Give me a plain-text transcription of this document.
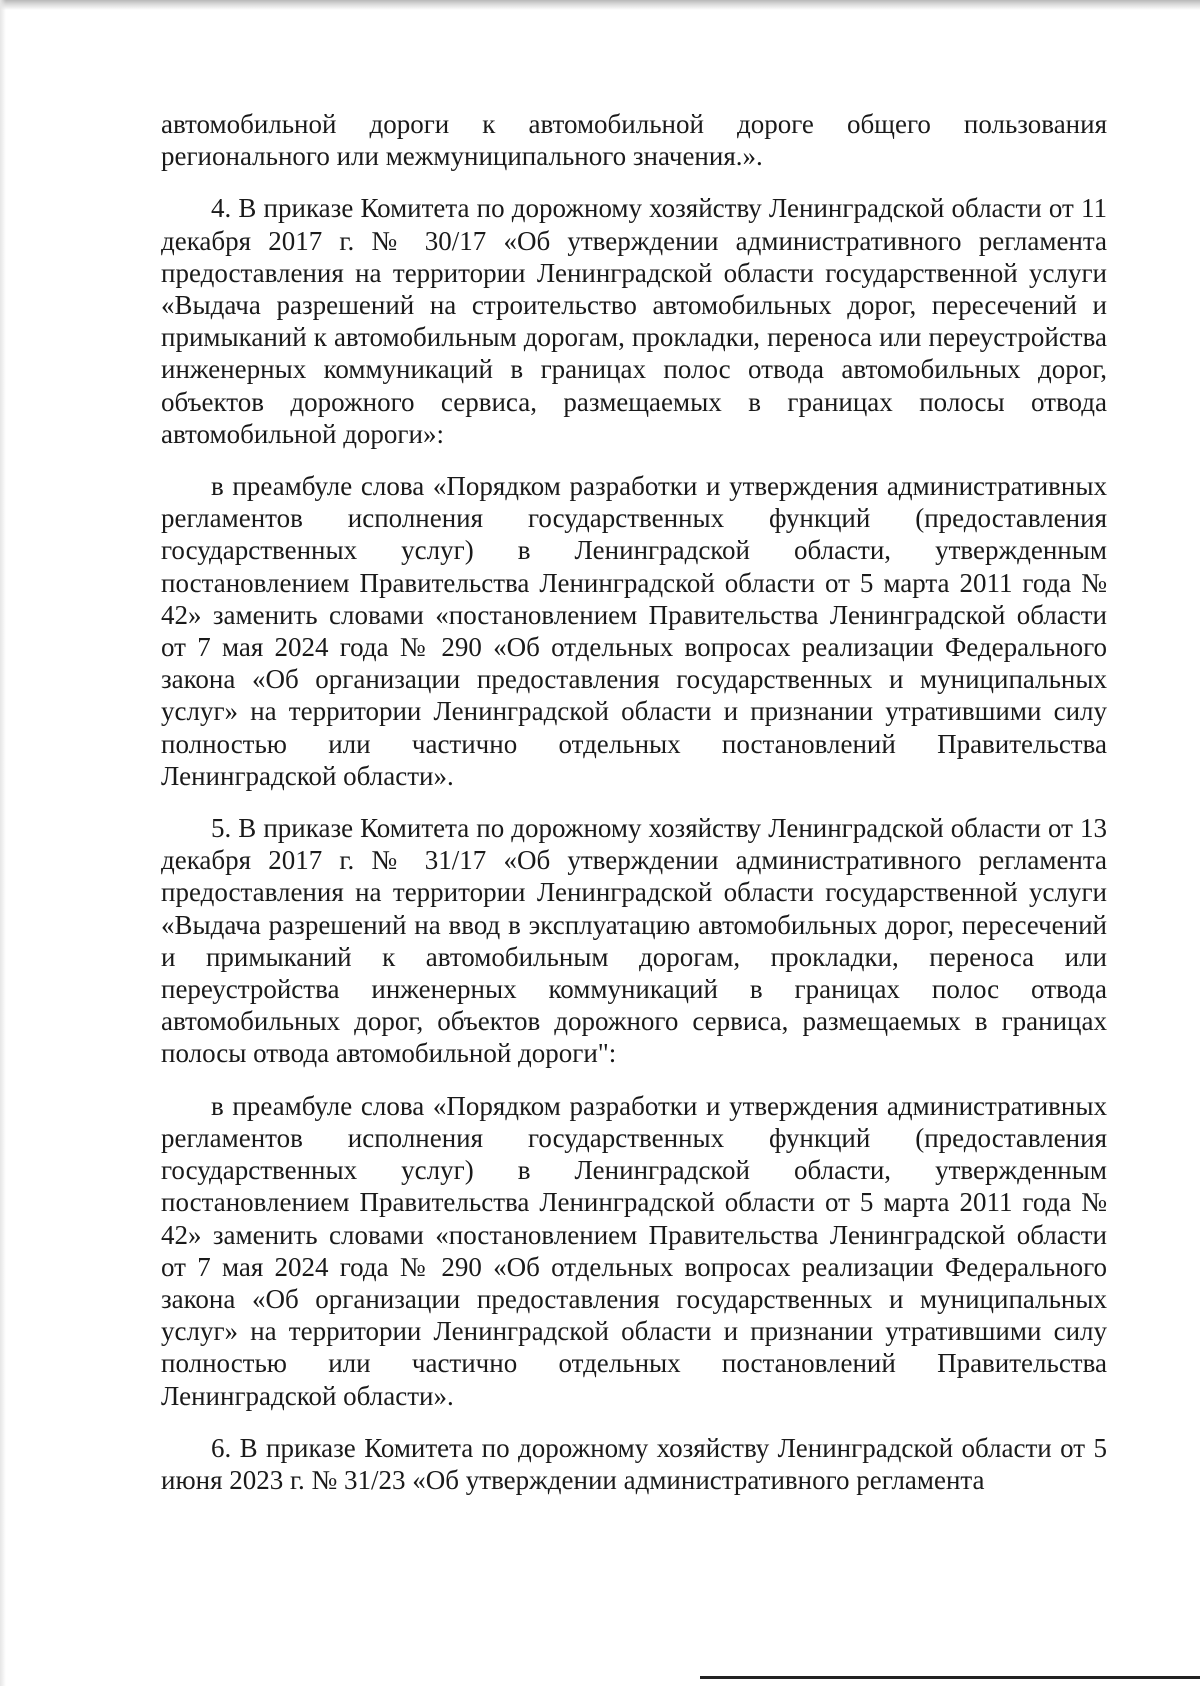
автомобильной дороги к автомобильной дороге общего пользования регионального или межмуниципального значения.».

4. В приказе Комитета по дорожному хозяйству Ленинградской области от 11 декабря 2017 г. № 30/17 «Об утверждении административного регламента предоставления на территории Ленинградской области государственной услуги «Выдача разрешений на строительство автомобильных дорог, пересечений и примыканий к автомобильным дорогам, прокладки, переноса или переустройства инженерных коммуникаций в границах полос отвода автомобильных дорог, объектов дорожного сервиса, размещаемых в границах полосы отвода автомобильной дороги»:

в преамбуле слова «Порядком разработки и утверждения административных регламентов исполнения государственных функций (предоставления государственных услуг) в Ленинградской области, утвержденным постановлением Правительства Ленинградской области от 5 марта 2011 года № 42» заменить словами «постановлением Правительства Ленинградской области от 7 мая 2024 года № 290 «Об отдельных вопросах реализации Федерального закона «Об организации предоставления государственных и муниципальных услуг» на территории Ленинградской области и признании утратившими силу полностью или частично отдельных постановлений Правительства Ленинградской области».

5. В приказе Комитета по дорожному хозяйству Ленинградской области от 13 декабря 2017 г. № 31/17 «Об утверждении административного регламента предоставления на территории Ленинградской области государственной услуги «Выдача разрешений на ввод в эксплуатацию автомобильных дорог, пересечений и примыканий к автомобильным дорогам, прокладки, переноса или переустройства инженерных коммуникаций в границах полос отвода автомобильных дорог, объектов дорожного сервиса, размещаемых в границах полосы отвода автомобильной дороги":

в преамбуле слова «Порядком разработки и утверждения административных регламентов исполнения государственных функций (предоставления государственных услуг) в Ленинградской области, утвержденным постановлением Правительства Ленинградской области от 5 марта 2011 года № 42» заменить словами «постановлением Правительства Ленинградской области от 7 мая 2024 года № 290 «Об отдельных вопросах реализации Федерального закона «Об организации предоставления государственных и муниципальных услуг» на территории Ленинградской области и признании утратившими силу полностью или частично отдельных постановлений Правительства Ленинградской области».

6. В приказе Комитета по дорожному хозяйству Ленинградской области от 5 июня 2023 г. № 31/23 «Об утверждении административного регламента
